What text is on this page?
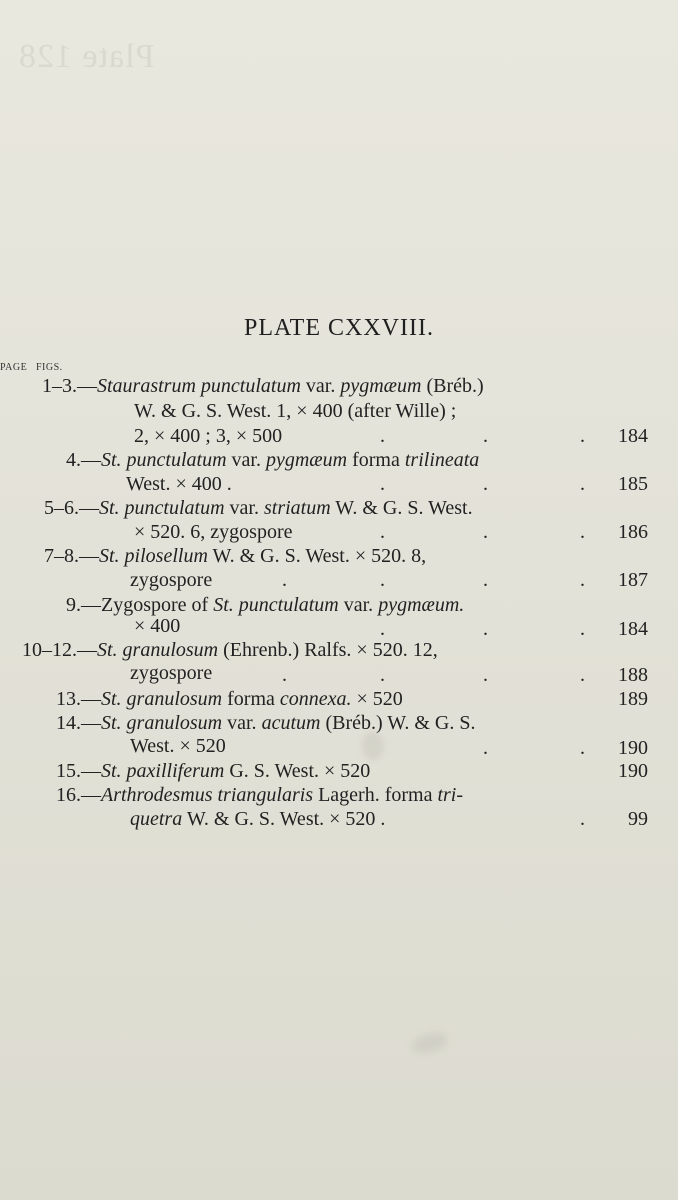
Plate 128
PLATE CXXVIII.
FIGS.
PAGE
1–3.—Staurastrum punctulatum var. pygmæum (Bréb.)
W. & G. S. West. 1, × 400 (after Wille) ;
2, × 400 ; 3, × 500	.	.	. 184
4.—St. punctulatum var. pygmæum forma trilineata
West. × 400 .	.	.	. 185
5–6.—St. punctulatum var. striatum W. & G. S. West.
× 520. 6, zygospore	.	.	. 186
7–8.—St. pilosellum W. & G. S. West. × 520. 8,
zygospore	.	.	.	. 187
9.—Zygospore of St. punctulatum var. pygmæum.
× 400	.	.	. 184
10–12.—St. granulosum (Ehrenb.) Ralfs. × 520. 12,
zygospore	.	.	.	. 188
13.—St. granulosum forma connexa. × 520	189
14.—St. granulosum var. acutum (Bréb.) W. & G. S.
West. × 520	.	. 190
15.—St. paxilliferum G. S. West. × 520	190
16.—Arthrodesmus triangularis Lagerh. forma tri-
quetra W. & G. S. West. × 520 .	. 99
